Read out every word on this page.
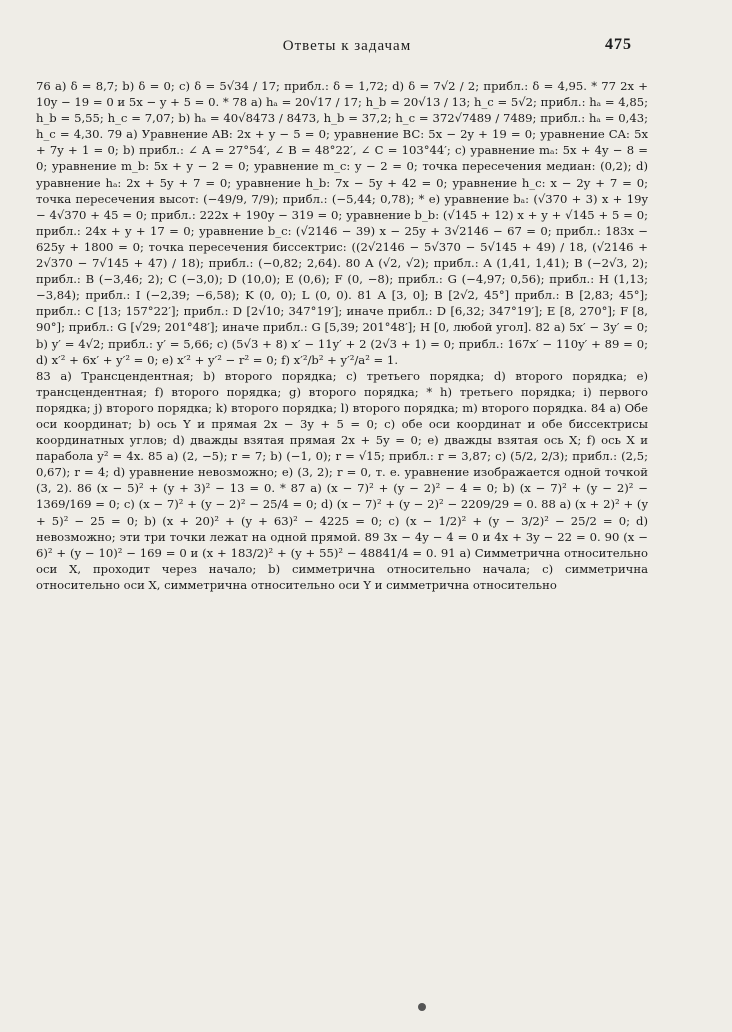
Ответы к задачам	475

76 a) δ = 8,7; b) δ = 0; c) δ = 5√34 / 17; прибл.: δ = 1,72; d) δ = 7√2 / 2; прибл.: δ = 4,95. * 77 2x + 10y − 19 = 0 и 5x − y + 5 = 0. * 78 a) hₐ = 20√17 / 17; h_b = 20√13 / 13; h_c = 5√2; прибл.: hₐ = 4,85; h_b = 5,55; h_c = 7,07; b) hₐ = 40√8473 / 8473, h_b = 37,2; h_c = 372√7489 / 7489; прибл.: hₐ = 0,43; h_c = 4,30. 79 a) Уравнение AB: 2x + y − 5 = 0; уравнение BC: 5x − 2y + 19 = 0; уравнение CA: 5x + 7y + 1 = 0; b) прибл.: ∠ A = 27°54′, ∠ B = 48°22′, ∠ C = 103°44′; c) уравнение mₐ: 5x + 4y − 8 = 0; уравнение m_b: 5x + y − 2 = 0; уравнение m_c: y − 2 = 0; точка пересечения медиан: (0,2); d) уравнение hₐ: 2x + 5y + 7 = 0; уравнение h_b: 7x − 5y + 42 = 0; уравнение h_c: x − 2y + 7 = 0; точка пересечения высот: (−49/9, 7/9); прибл.: (−5,44; 0,78); * e) уравнение bₐ: (√370 + 3) x + 19y − 4√370 + 45 = 0; прибл.: 222x + 190y − 319 = 0; уравнение b_b: (√145 + 12) x + y + √145 + 5 = 0; прибл.: 24x + y + 17 = 0; уравнение b_c: (√2146 − 39) x − 25y + 3√2146 − 67 = 0; прибл.: 183x − 625y + 1800 = 0; точка пересечения биссектрис: ((2√2146 − 5√370 − 5√145 + 49) / 18, (√2146 + 2√370 − 7√145 + 47) / 18); прибл.: (−0,82; 2,64). 80 A (√2, √2); прибл.: A (1,41, 1,41); B (−2√3, 2); прибл.: B (−3,46; 2); C (−3,0); D (10,0); E (0,6); F (0, −8); прибл.: G (−4,97; 0,56); прибл.: H (1,13; −3,84); прибл.: I (−2,39; −6,58); K (0, 0); L (0, 0). 81 A [3, 0]; B [2√2, 45°] прибл.: B [2,83; 45°]; прибл.: C [13; 157°22′]; прибл.: D [2√10; 347°19′]; иначе прибл.: D [6,32; 347°19′]; E [8, 270°]; F [8, 90°]; прибл.: G [√29; 201°48′]; иначе прибл.: G [5,39; 201°48′]; H [0, любой угол]. 82 a) 5x′ − 3y′ = 0; b) y′ = 4√2; прибл.: y′ = 5,66; c) (5√3 + 8) x′ − 11y′ + 2 (2√3 + 1) = 0; прибл.: 167x′ − 110y′ + 89 = 0; d) x′² + 6x′ + y′² = 0; e) x′² + y′² − r² = 0; f) x′²/b² + y′²/a² = 1.

83 a) Трансцендентная; b) второго порядка; c) третьего порядка; d) второго порядка; e) трансцендентная; f) второго порядка; g) второго порядка; * h) третьего порядка; i) первого порядка; j) второго порядка; k) второго порядка; l) второго порядка; m) второго порядка. 84 a) Обе оси координат; b) ось Y и прямая 2x − 3y + 5 = 0; c) обе оси координат и обе биссектрисы координатных углов; d) дважды взятая прямая 2x + 5y = 0; e) дважды взятая ось X; f) ось X и парабола y² = 4x. 85 a) (2, −5); r = 7; b) (−1, 0); r = √15; прибл.: r = 3,87; c) (5/2, 2/3); прибл.: (2,5; 0,67); r = 4; d) уравнение невозможно; e) (3, 2); r = 0, т. е. уравнение изображается одной точкой (3, 2). 86 (x − 5)² + (y + 3)² − 13 = 0. * 87 a) (x − 7)² + (y − 2)² − 4 = 0; b) (x − 7)² + (y − 2)² − 1369/169 = 0; c) (x − 7)² + (y − 2)² − 25/4 = 0; d) (x − 7)² + (y − 2)² − 2209/29 = 0. 88 a) (x + 2)² + (y + 5)² − 25 = 0; b) (x + 20)² + (y + 63)² − 4225 = 0; c) (x − 1/2)² + (y − 3/2)² − 25/2 = 0; d) невозможно; эти три точки лежат на одной прямой. 89 3x − 4y − 4 = 0 и 4x + 3y − 22 = 0. 90 (x − 6)² + (y − 10)² − 169 = 0 и (x + 183/2)² + (y + 55)² − 48841/4 = 0. 91 a) Симметрична относительно оси X, проходит через начало; b) симметрична относительно начала; c) симметрична относительно оси X, симметрична относительно оси Y и симметрична относительно
